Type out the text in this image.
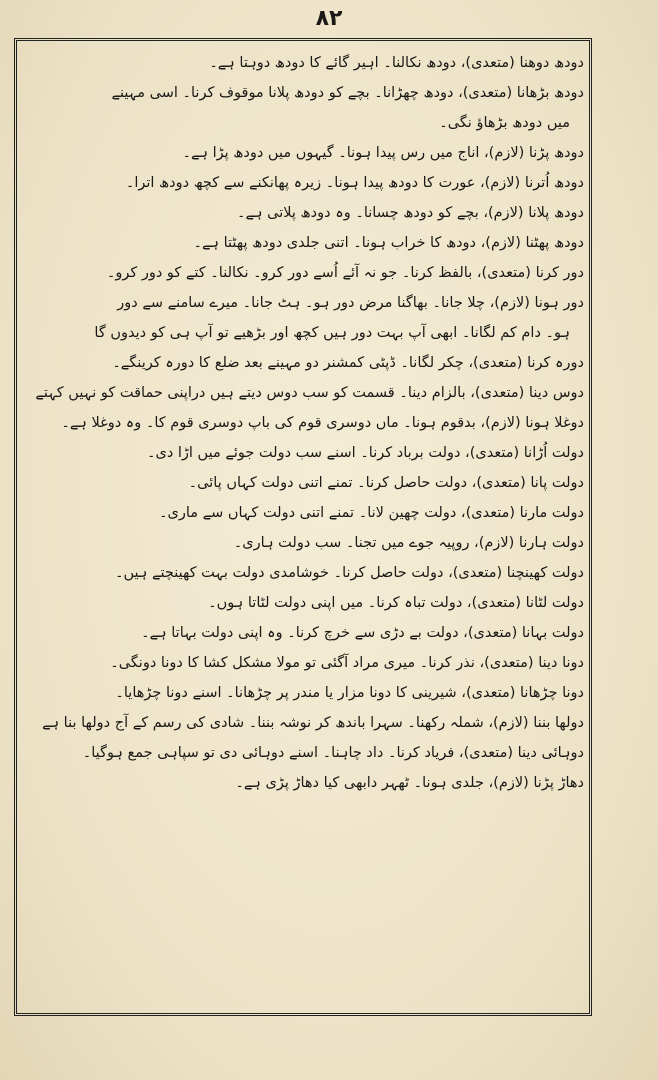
۸۲

دودھ دوھنا (متعدی)، دودھ نکالنا۔ اہیر گائے کا دودھ دوہتا ہے۔

دودھ بڑھانا (متعدی)، دودھ چھڑانا۔ بچے کو دودھ پلانا موقوف کرنا۔ اسی مہینے
میں دودھ بڑھاؤ نگی۔

دودھ پڑنا (لازم)، اناج میں رس پیدا ہونا۔ گیہوں میں دودھ پڑا ہے۔

دودھ اُترنا (لازم)، عورت کا دودھ پیدا ہونا۔ زیرہ پھانکنے سے کچھ دودھ اترا۔

دودھ پلانا (لازم)، بچے کو دودھ چسانا۔ وہ دودھ پلاتی ہے۔

دودھ پھٹنا (لازم)، دودھ کا خراب ہونا۔ اتنی جلدی دودھ پھٹتا ہے۔

دور کرنا (متعدی)، بالفظ کرنا۔ جو نہ آئے اُسے دور کرو۔ نکالنا۔ کتے کو دور کرو۔

دور ہونا (لازم)، چلا جانا۔ بھاگنا مرض دور ہو۔ ہٹ جانا۔ میرے سامنے سے دور
ہو۔ دام کم لگانا۔ ابھی آپ بہت دور ہیں کچھ اور بڑھیے تو آپ ہی کو دیدوں گا

دورہ کرنا (متعدی)، چکر لگانا۔ ڈپٹی کمشنر دو مہینے بعد ضلع کا دورہ کرینگے۔

دوس دینا (متعدی)، بالزام دینا۔ قسمت کو سب دوس دیتے ہیں دراپنی حماقت کو نہیں کہتے

دوغلا ہونا (لازم)، بدقوم ہونا۔ ماں دوسری قوم کی باپ دوسری قوم کا۔ وہ دوغلا ہے۔

دولت اُڑانا (متعدی)، دولت برباد کرنا۔ اسنے سب دولت جوئے میں اڑا دی۔

دولت پانا (متعدی)، دولت حاصل کرنا۔ تمنے اتنی دولت کہاں پائی۔

دولت مارنا (متعدی)، دولت چھین لانا۔ تمنے اتنی دولت کہاں سے ماری۔

دولت ہارنا (لازم)، روپیہ جوے میں تجنا۔ سب دولت ہاری۔

دولت کھینچنا (متعدی)، دولت حاصل کرنا۔ خوشامدی دولت بہت کھینچتے ہیں۔

دولت لٹانا (متعدی)، دولت تباہ کرنا۔ میں اپنی دولت لٹاتا ہوں۔

دولت بہانا (متعدی)، دولت بے دڑی سے خرچ کرنا۔ وہ اپنی دولت بہاتا ہے۔

دونا دینا (متعدی)، نذر کرنا۔ میری مراد آگئی تو مولا مشکل کشا کا دونا دونگی۔

دونا چڑھانا (متعدی)، شیرینی کا دونا مزار یا مندر پر چڑھانا۔ اسنے دونا چڑھایا۔

دولھا بننا (لازم)، شملہ رکھنا۔ سہرا باندھ کر نوشہ بننا۔ شادی کی رسم کے آج دولھا بنا ہے

دوہائی دینا (متعدی)، فریاد کرنا۔ داد چاہنا۔ اسنے دوہائی دی تو سپاہی جمع ہوگیا۔

دھاڑ پڑنا (لازم)، جلدی ہونا۔ ٹھہر دابھی کیا دھاڑ پڑی ہے۔
